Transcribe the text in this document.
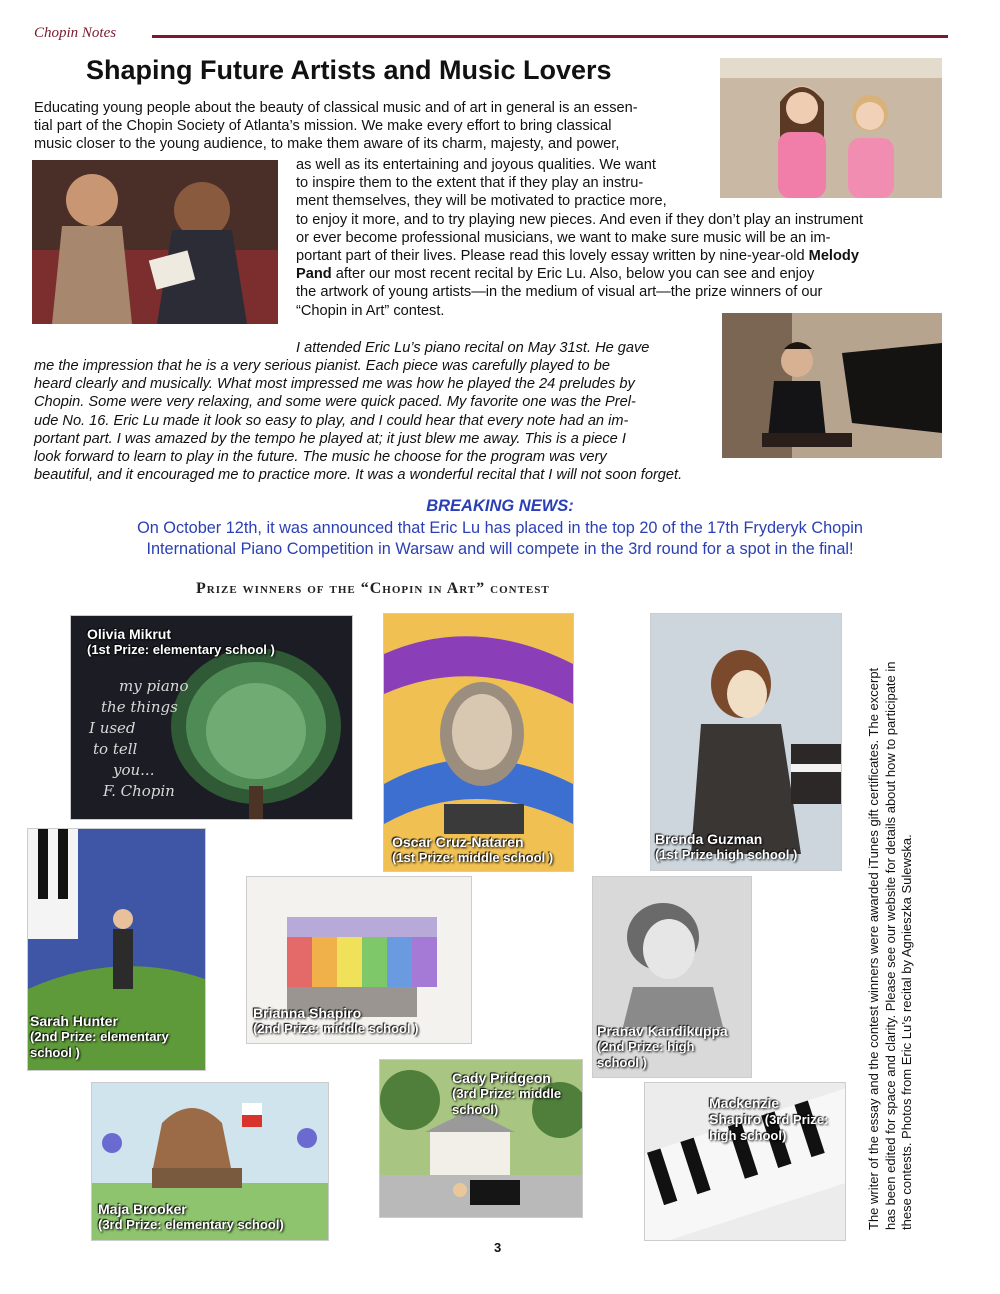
Chopin Notes
Shaping Future Artists and Music Lovers
Educating young people about the beauty of classical music and of art in general is an essen-
tial part of the Chopin Society of Atlanta’s mission. We make every effort to bring classical
music closer to the young audience, to make them aware of its charm, majesty, and power,
as well as its entertaining and joyous qualities. We want
to inspire them to the extent that if they play an instru-
ment themselves, they will be motivated to practice more,
to enjoy it more, and to try playing new pieces. And even if they don’t play an instrument
or ever become professional musicians, we want to make sure music will be an im-
portant part of their lives. Please read this lovely essay written by nine-year-old Melody
Pand after our most recent recital by Eric Lu. Also, below you can see and enjoy
the artwork of young artists—in the medium of visual art—the prize winners of our
“Chopin in Art” contest.
I attended Eric Lu’s piano recital on May 31st. He gave
me the impression that he is a very serious pianist. Each piece was carefully played to be
heard clearly and musically. What most impressed me was how he played the 24 preludes by
Chopin. Some were very relaxing, and some were quick paced. My favorite one was the Prel-
ude No. 16. Eric Lu made it look so easy to play, and I could hear that every note had an im-
portant part. I was amazed by the tempo he played at; it just blew me away. This is a piece I
look forward to learn to play in the future. The music he choose for the program was very
beautiful, and it encouraged me to practice more. It was a wonderful recital that I will not soon forget.
BREAKING NEWS:
On October 12th, it was announced that Eric Lu has placed in the top 20 of the 17th Fryderyk Chopin
International Piano Competition in Warsaw and will compete in the 3rd round for a spot in the final!
Prize winners of the “Chopin in Art” contest
my piano
the things
I used
to tell
you...
F. Chopin
Olivia Mikrut
(1st Prize: elementary school )
Oscar Cruz-Nataren
(1st Prize: middle school )
Brenda Guzman
(1st Prize high school )
Sarah Hunter
(2nd Prize: elementary
school )
Brianna Shapiro
(2nd Prize: middle school )	Pranav Kandikuppa
(2nd Prize: high
school )
Maja Brooker
(3rd Prize: elementary school)
Cady Pridgeon
(3rd Prize: middle
school)	Mackenzie
Shapiro (3rd Prize:
high school)	The writer of the essay and the contest winners were awarded iTunes gift certificates. The excerpt has been edited for space and clarity. Please see our website for details about how to participate in these contests. Photos from Eric Lu’s recital by Agnieszka Sulewska.
3
